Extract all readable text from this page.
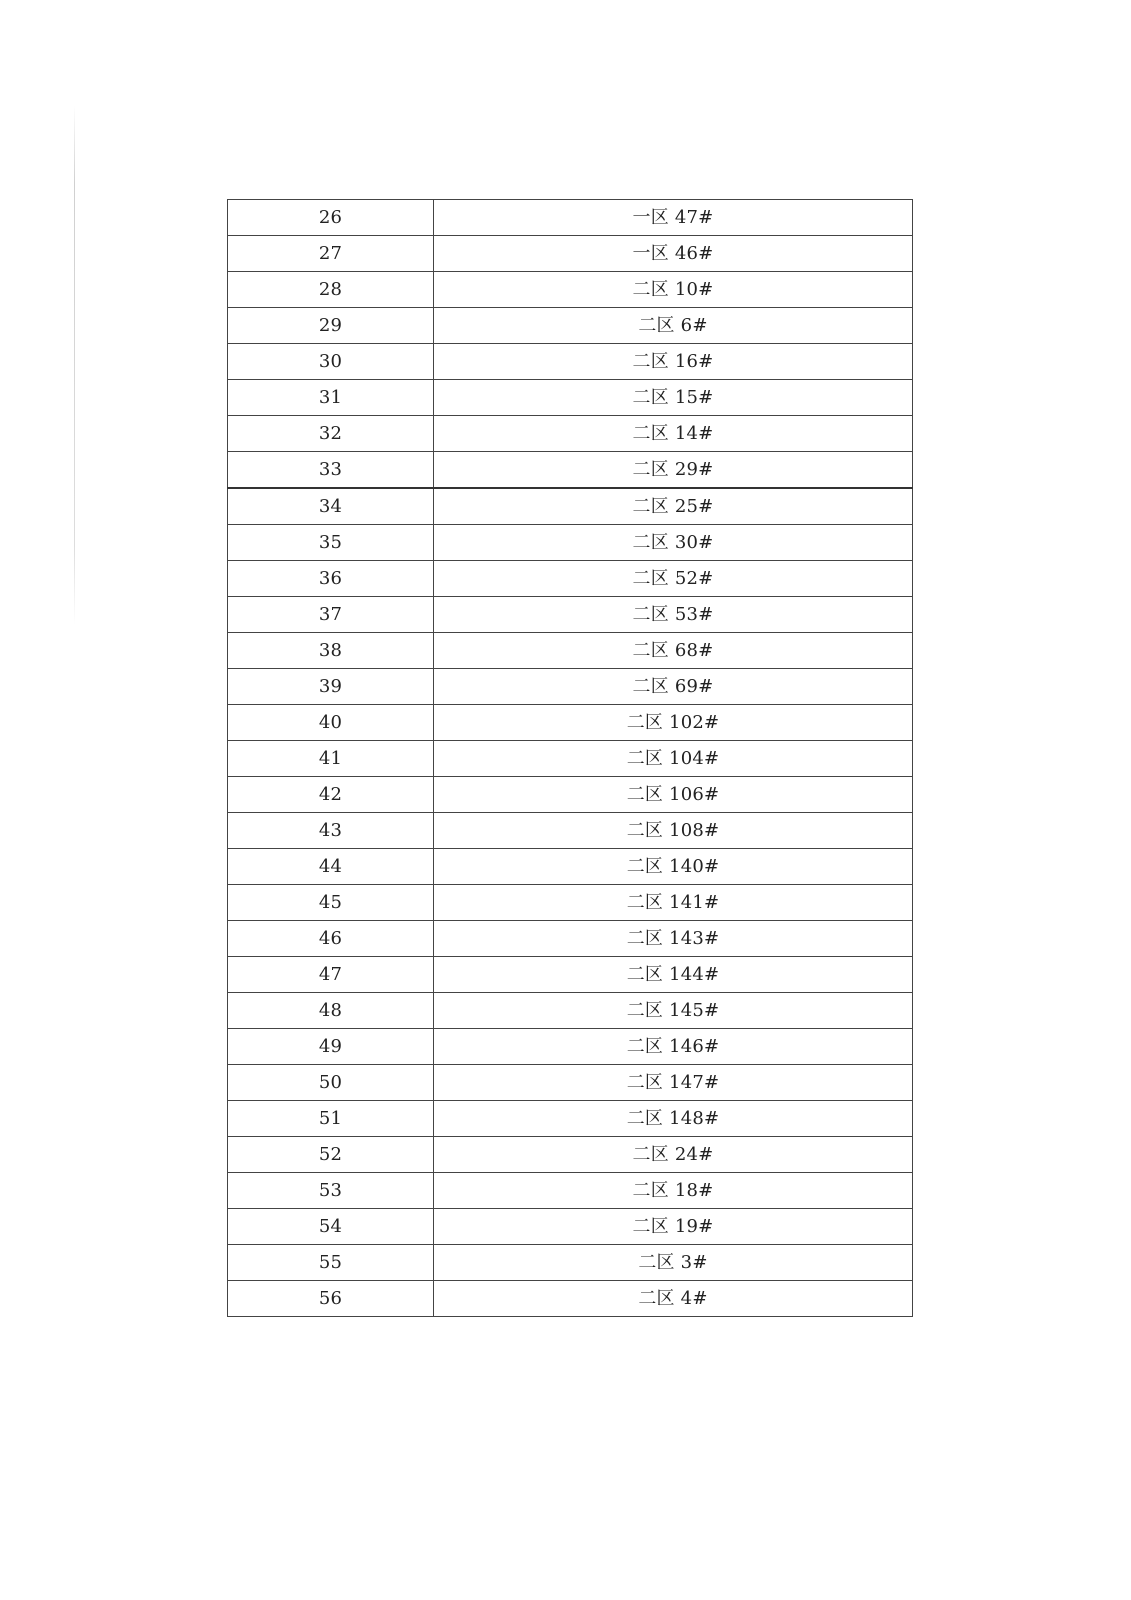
26	一区 47#
27	一区 46#
28	二区 10#
29	二区 6#
30	二区 16#
31	二区 15#
32	二区 14#
33	二区 29#
34	二区 25#
35	二区 30#
36	二区 52#
37	二区 53#
38	二区 68#
39	二区 69#
40	二区 102#
41	二区 104#
42	二区 106#
43	二区 108#
44	二区 140#
45	二区 141#
46	二区 143#
47	二区 144#
48	二区 145#
49	二区 146#
50	二区 147#
51	二区 148#
52	二区 24#
53	二区 18#
54	二区 19#
55	二区 3#
56	二区 4#
